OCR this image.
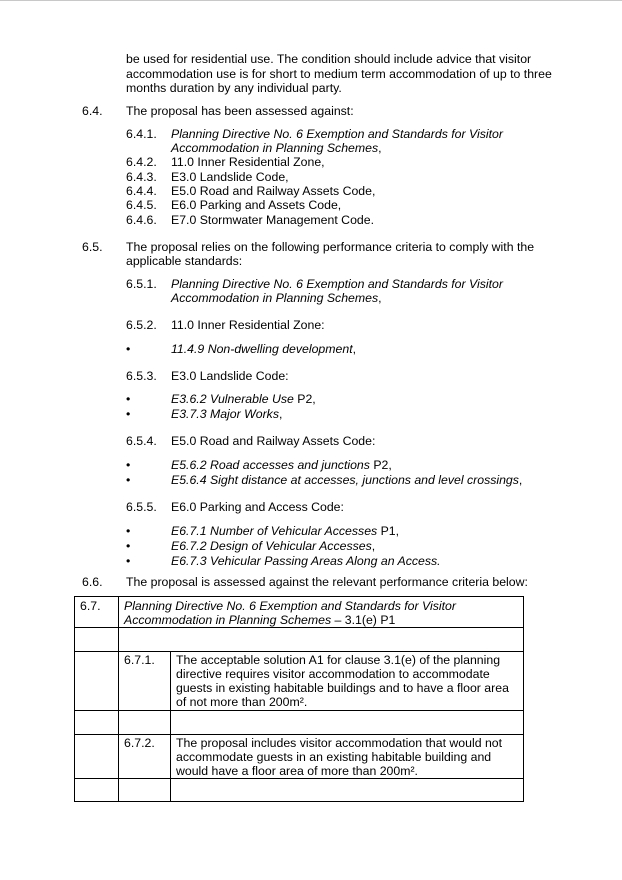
be used for residential use. The condition should include advice that visitor
accommodation use is for short to medium term accommodation of up to three
months duration by any individual party.
6.4. The proposal has been assessed against:
6.4.1. Planning Directive No. 6 Exemption and Standards for Visitor
Accommodation in Planning Schemes,
6.4.2. 11.0 Inner Residential Zone,
6.4.3. E3.0 Landslide Code,
6.4.4. E5.0 Road and Railway Assets Code,
6.4.5. E6.0 Parking and Assets Code,
6.4.6. E7.0 Stormwater Management Code.
6.5. The proposal relies on the following performance criteria to comply with the
applicable standards:
6.5.1. Planning Directive No. 6 Exemption and Standards for Visitor
Accommodation in Planning Schemes,
6.5.2. 11.0 Inner Residential Zone:
•	11.4.9 Non-dwelling development,
6.5.3. E3.0 Landslide Code:
•	E3.6.2 Vulnerable Use P2,
•	E3.7.3 Major Works,
6.5.4. E5.0 Road and Railway Assets Code:
•	E5.6.2 Road accesses and junctions P2,
•	E5.6.4 Sight distance at accesses, junctions and level crossings,
6.5.5. E6.0 Parking and Access Code:
•	E6.7.1 Number of Vehicular Accesses P1,
•	E6.7.2 Design of Vehicular Accesses,
•	E6.7.3 Vehicular Passing Areas Along an Access.
6.6. The proposal is assessed against the relevant performance criteria below:
6.7. Planning Directive No. 6 Exemption and Standards for Visitor
Accommodation in Planning Schemes – 3.1(e) P1
6.7.1. The acceptable solution A1 for clause 3.1(e) of the planning
directive requires visitor accommodation to accommodate
guests in existing habitable buildings and to have a floor area
of not more than 200m².
6.7.2. The proposal includes visitor accommodation that would not
accommodate guests in an existing habitable building and
would have a floor area of more than 200m².
